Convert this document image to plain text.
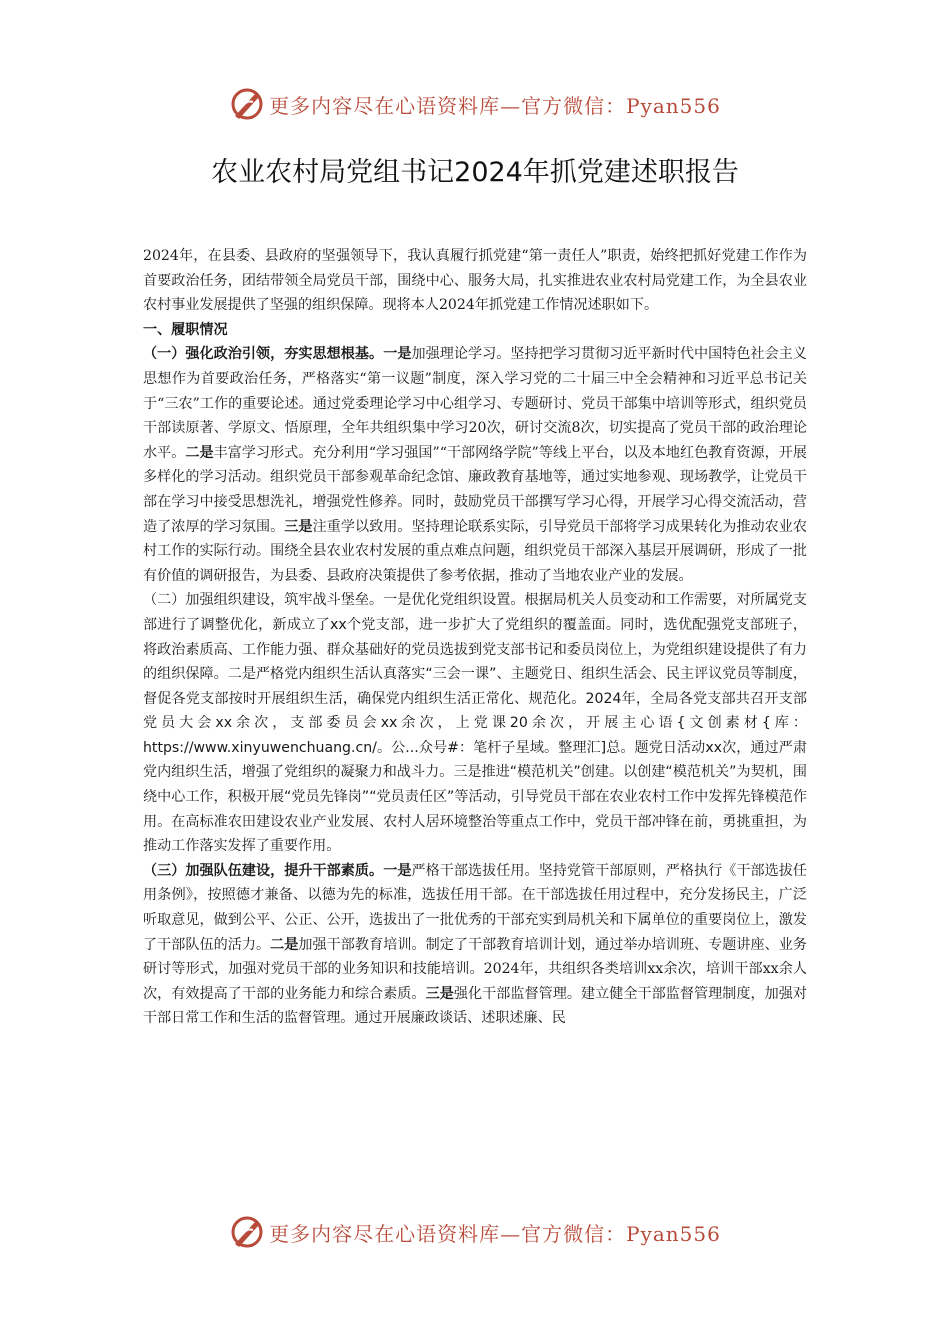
更多内容尽在心语资料库—官方微信：Pyan556
农业农村局党组书记2024年抓党建述职报告

2024年，在县委、县政府的坚强领导下，我认真履行抓党建“第一责任人”职责，始终把抓好党建工作作为首要政治任务，团结带领全局党员干部，围绕中心、服务大局，扎实推进农业农村局党建工作，为全县农业农村事业发展提供了坚强的组织保障。现将本人2024年抓党建工作情况述职如下。

一、履职情况

（一）强化政治引领，夯实思想根基。一是加强理论学习。坚持把学习贯彻习近平新时代中国特色社会主义思想作为首要政治任务，严格落实“第一议题”制度，深入学习党的二十届三中全会精神和习近平总书记关于“三农”工作的重要论述。通过党委理论学习中心组学习、专题研讨、党员干部集中培训等形式，组织党员干部读原著、学原文、悟原理，全年共组织集中学习20次，研讨交流8次，切实提高了党员干部的政治理论水平。二是丰富学习形式。充分利用“学习强国”“干部网络学院”等线上平台，以及本地红色教育资源，开展多样化的学习活动。组织党员干部参观革命纪念馆、廉政教育基地等，通过实地参观、现场教学，让党员干部在学习中接受思想洗礼，增强党性修养。同时，鼓励党员干部撰写学习心得，开展学习心得交流活动，营造了浓厚的学习氛围。三是注重学以致用。坚持理论联系实际，引导党员干部将学习成果转化为推动农业农村工作的实际行动。围绕全县农业农村发展的重点难点问题，组织党员干部深入基层开展调研，形成了一批有价值的调研报告，为县委、县政府决策提供了参考依据，推动了当地农业产业的发展。

（二）加强组织建设，筑牢战斗堡垒。一是优化党组织设置。根据局机关人员变动和工作需要，对所属党支部进行了调整优化，新成立了xx个党支部，进一步扩大了党组织的覆盖面。同时，选优配强党支部班子，将政治素质高、工作能力强、群众基础好的党员选拔到党支部书记和委员岗位上，为党组织建设提供了有力的组织保障。二是严格党内组织生活认真落实“三会一课”、主题党日、组织生活会、民主评议党员等制度，督促各党支部按时开展组织生活，确保党内组织生活正常化、规范化。2024年，全局各党支部共召开支部党员大会xx余次，支部委员会xx余次，上党课20余次，开展主心语{文创素材{库：https://www.xinyuwenchuang.cn/。公...众号#：笔杆子星域。整理汇]总。题党日活动xx次，通过严肃党内组织生活，增强了党组织的凝聚力和战斗力。三是推进“模范机关”创建。以创建“模范机关”为契机，围绕中心工作，积极开展“党员先锋岗”“党员责任区”等活动，引导党员干部在农业农村工作中发挥先锋模范作用。在高标准农田建设农业产业发展、农村人居环境整治等重点工作中，党员干部冲锋在前，勇挑重担，为推动工作落实发挥了重要作用。

（三）加强队伍建设，提升干部素质。一是严格干部选拔任用。坚持党管干部原则，严格执行《干部选拔任用条例》，按照德才兼备、以德为先的标准，选拔任用干部。在干部选拔任用过程中，充分发扬民主，广泛听取意见，做到公平、公正、公开，选拔出了一批优秀的干部充实到局机关和下属单位的重要岗位上，激发了干部队伍的活力。二是加强干部教育培训。制定了干部教育培训计划，通过举办培训班、专题讲座、业务研讨等形式，加强对党员干部的业务知识和技能培训。2024年，共组织各类培训xx余次，培训干部xx余人次，有效提高了干部的业务能力和综合素质。三是强化干部监督管理。建立健全干部监督管理制度，加强对干部日常工作和生活的监督管理。通过开展廉政谈话、述职述廉、民

更多内容尽在心语资料库—官方微信：Pyan556
